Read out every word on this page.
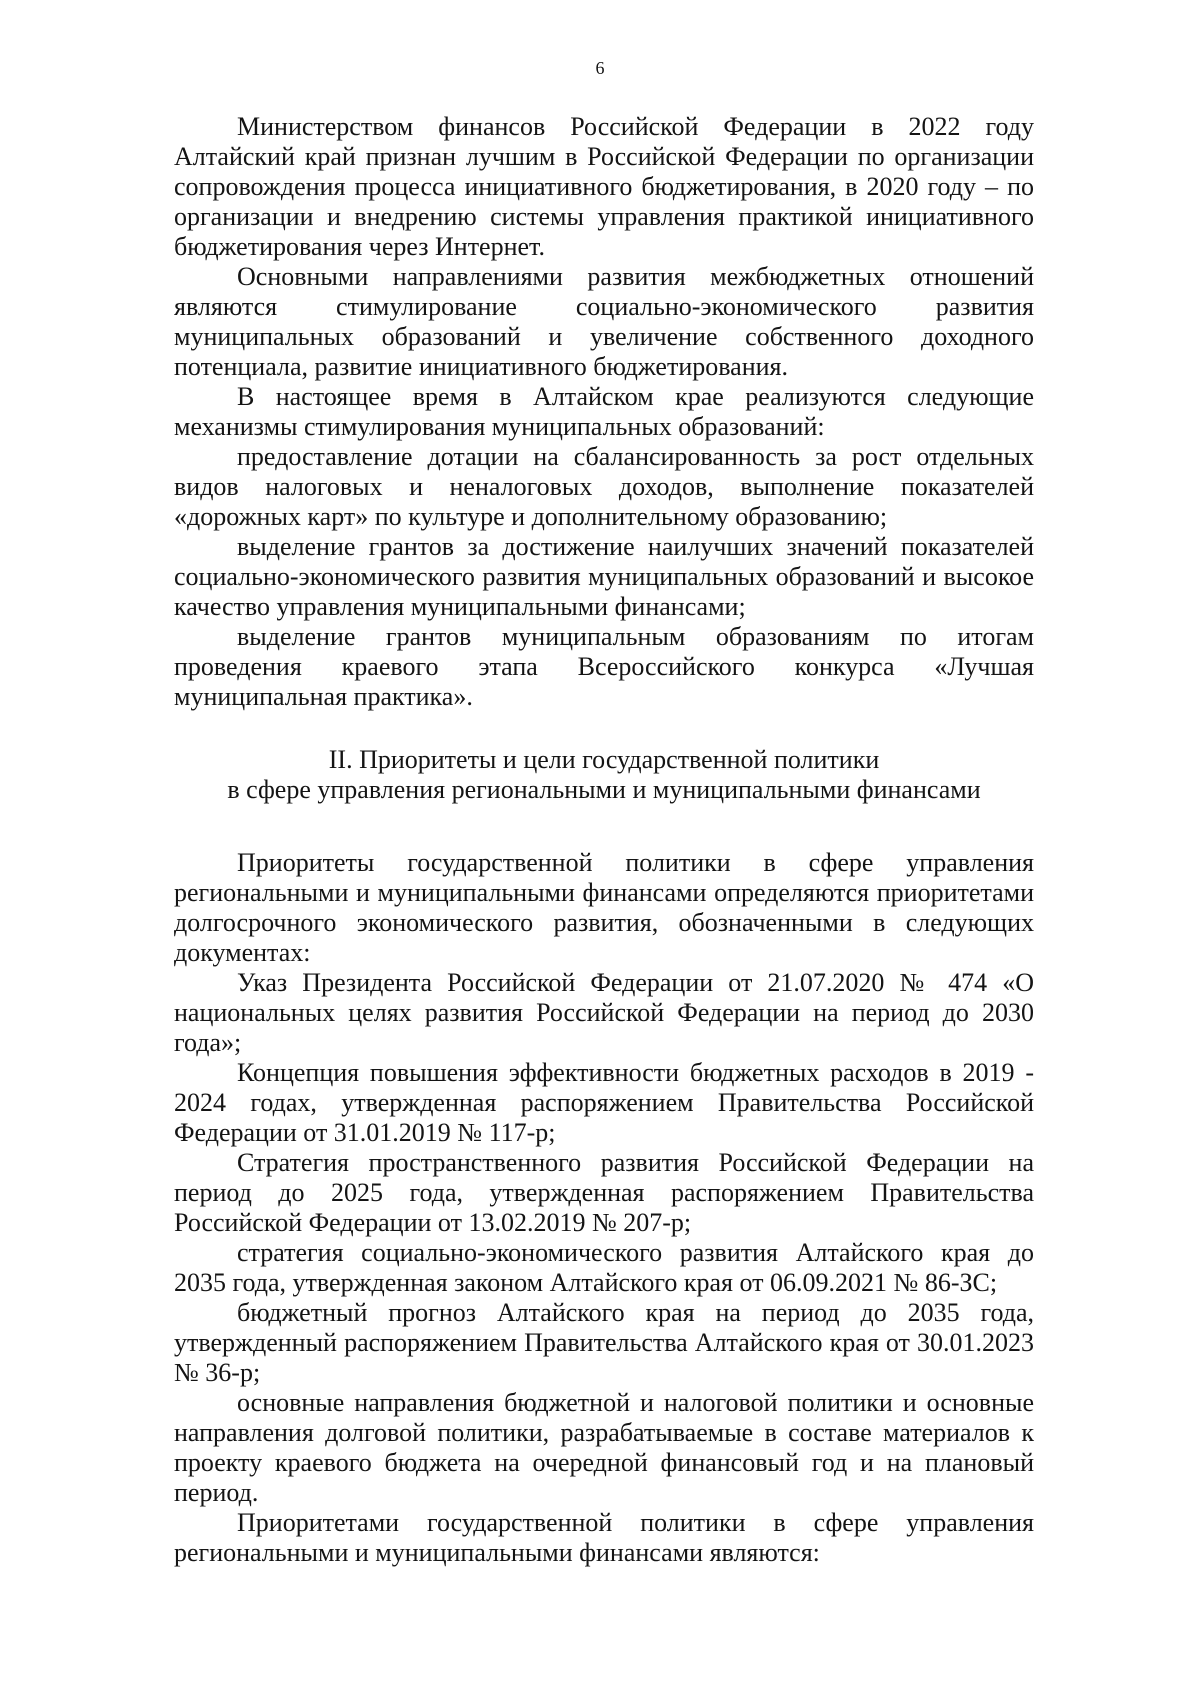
6

Министерством финансов Российской Федерации в 2022 году Алтайский край признан лучшим в Российской Федерации по организации сопровождения процесса инициативного бюджетирования, в 2020 году – по организации и внедрению системы управления практикой инициативного бюджетирования через Интернет.

Основными направлениями развития межбюджетных отношений являются стимулирование социально-экономического развития муниципальных образований и увеличение собственного доходного потенциала, развитие инициативного бюджетирования.

В настоящее время в Алтайском крае реализуются следующие механизмы стимулирования муниципальных образований:

предоставление дотации на сбалансированность за рост отдельных видов налоговых и неналоговых доходов, выполнение показателей «дорожных карт» по культуре и дополнительному образованию;

выделение грантов за достижение наилучших значений показателей социально-экономического развития муниципальных образований и высокое качество управления муниципальными финансами;

выделение грантов муниципальным образованиям по итогам проведения краевого этапа Всероссийского конкурса «Лучшая муниципальная практика».

II. Приоритеты и цели государственной политики
в сфере управления региональными и муниципальными финансами

Приоритеты государственной политики в сфере управления региональными и муниципальными финансами определяются приоритетами долгосрочного экономического развития, обозначенными в следующих документах:

Указ Президента Российской Федерации от 21.07.2020 № 474 «О национальных целях развития Российской Федерации на период до 2030 года»;

Концепция повышения эффективности бюджетных расходов в 2019 - 2024 годах, утвержденная распоряжением Правительства Российской Федерации от 31.01.2019 № 117-р;

Стратегия пространственного развития Российской Федерации на период до 2025 года, утвержденная распоряжением Правительства Российской Федерации от 13.02.2019 № 207-р;

стратегия социально-экономического развития Алтайского края до 2035 года, утвержденная законом Алтайского края от 06.09.2021 № 86-ЗС;

бюджетный прогноз Алтайского края на период до 2035 года, утвержденный распоряжением Правительства Алтайского края от 30.01.2023 № 36-р;

основные направления бюджетной и налоговой политики и основные направления долговой политики, разрабатываемые в составе материалов к проекту краевого бюджета на очередной финансовый год и на плановый период.

Приоритетами государственной политики в сфере управления региональными и муниципальными финансами являются:
